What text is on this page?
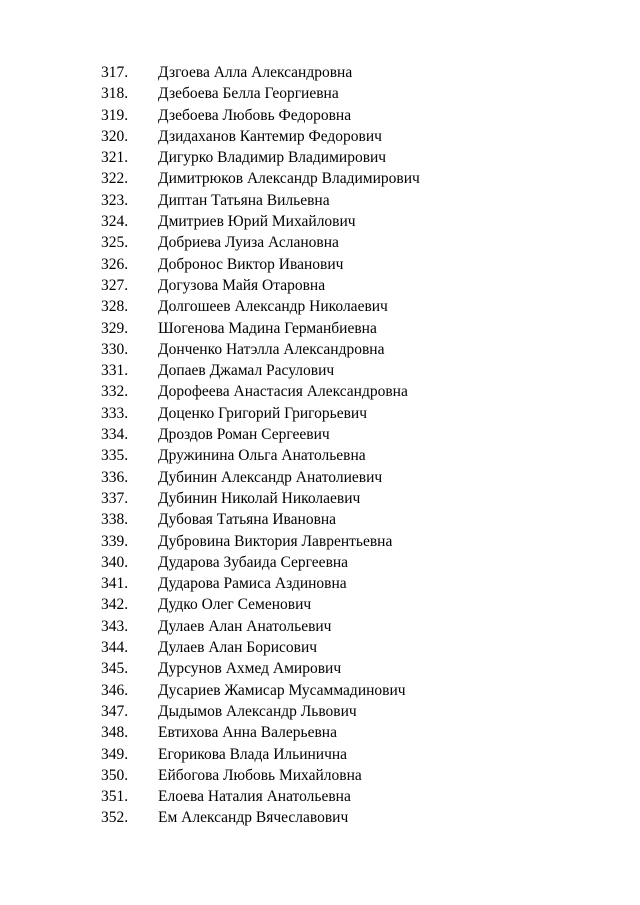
317. Дзгоева Алла Александровна
318. Дзебоева Белла Георгиевна
319. Дзебоева Любовь Федоровна
320. Дзидаханов Кантемир Федорович
321. Дигурко Владимир Владимирович
322. Димитрюков Александр Владимирович
323. Диптан Татьяна Вильевна
324. Дмитриев Юрий Михайлович
325. Добриева Луиза Аслановна
326. Добронос Виктор Иванович
327. Догузова Майя Отаровна
328. Долгошеев Александр Николаевич
329. Шогенова Мадина Германбиевна
330. Донченко Натэлла Александровна
331. Допаев Джамал Расулович
332. Дорофеева Анастасия Александровна
333. Доценко Григорий Григорьевич
334. Дроздов Роман Сергеевич
335. Дружинина Ольга Анатольевна
336. Дубинин Александр Анатолиевич
337. Дубинин Николай Николаевич
338. Дубовая Татьяна Ивановна
339. Дубровина Виктория Лаврентьевна
340. Дударова Зубаида Сергеевна
341. Дударова Рамиса Аздиновна
342. Дудко Олег Семенович
343. Дулаев Алан Анатольевич
344. Дулаев Алан Борисович
345. Дурсунов Ахмед Амирович
346. Дусариев Жамисар Мусаммадинович
347. Дыдымов Александр Львович
348. Евтихова Анна Валерьевна
349. Егорикова Влада Ильинична
350. Ейбогова Любовь Михайловна
351. Елоева Наталия Анатольевна
352. Ем Александр Вячеславович
